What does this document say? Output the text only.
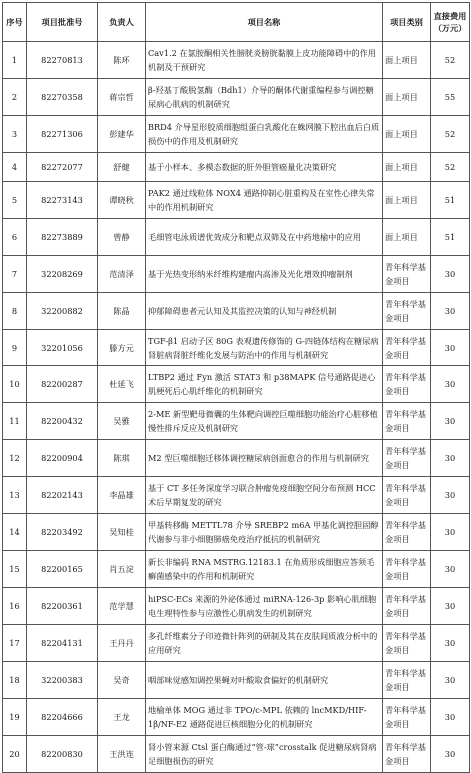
序号	项目批准号	负责人	项目名称	项目类别	直接费用（万元）
1	82270813	陈环	Cav1.2 在氯胺酮相关性膀胱炎膀胱黏膜上皮功能障碍中的作用机制及干预研究	面上项目	52
2	82270358	蒋宗哲	β-羟基丁酸脱氢酶（Bdh1）介导的酮体代谢重编程参与调控糖尿病心肌病的机制研究	面上项目	55
3	82271306	彭建华	BRD4 介导星形胶质细胞组蛋白乳酸化在蛛网膜下腔出血后白质损伤中的作用及机制研究	面上项目	52
4	82272077	舒健	基于小样本、多模态数据的肝外胆管癌量化决策研究	面上项目	52
5	82273143	谭晓秋	PAK2 通过线粒体 NOX4 通路抑制心脏重构及在室性心律失常中的作用机制研究	面上项目	51
6	82273889	曾静	毛细管电泳质谱优效成分和靶点双筛及在中药地榆中的应用	面上项目	51
7	32208269	范清泽	基于光热变形纳米纤维构建瘤内高渗及光化增效抑瘤制剂	青年科学基金项目	30
8	32200882	陈晶	抑郁障碍患者元认知及其监控决策的认知与神经机制	青年科学基金项目	30
9	32201056	滕方元	TGF-β1 启动子区 80G 表观遗传修饰的 G-四链体结构在糖尿病肾脏病肾脏纤维化发展与防治中的作用与机制研究	青年科学基金项目	30
10	82200287	杜延飞	LTBP2 通过 Fyn 激活 STAT3 和 p38MAPK 信号通路促进心肌梗死后心肌纤维化的机制研究	青年科学基金项目	30
11	82200432	吴雅	2-ME 新型靶母微囊的生体靶向调控巨噬细胞功能治疗心脏移植慢性排斥反应及机制研究	青年科学基金项目	30
12	82200904	陈琪	M2 型巨噬细胞迁移体调控糖尿病创面愈合的作用与机制研究	青年科学基金项目	30
13	82202143	李晶雄	基于 CT 多任务深度学习联合肿瘤免疫细胞空间分布预测 HCC 术后早期复发的研究	青年科学基金项目	30
14	82203492	吴知桂	甲基转移酶 METTL78 介导 SREBP2 m6A 甲基化调控胆固醇代谢参与非小细胞肺癌免疫治疗抵抗的机制研究	青年科学基金项目	30
15	82200165	肖五淀	新长非编码 RNA MSTRG.12183.1 在角质形成细胞应答须毛癣菌感染中的作用和机制研究	青年科学基金项目	30
16	82200361	范学慧	hiPSC-ECs 来源的外泌体通过 miRNA-126-3p 影响心肌细胞电生理特性参与应激性心肌病发生的机制研究	青年科学基金项目	30
17	82204131	王丹丹	多孔纤维素分子印迹微针阵列的研制及其在皮肤间质液分析中的应用研究	青年科学基金项目	30
18	32200383	吴奇	咽部味觉感知调控果蝇对叶酸取食偏好的机制研究	青年科学基金项目	30
19	82204666	王龙	地榆单体 MOG 通过非 TPO/c-MPL 依赖的 lncMKD/HIF-1β/NF-E2 通路促进巨核细胞分化的机制研究	青年科学基金项目	30
20	82200830	王洪连	肾小管来源 Ctsl 蛋白酶通过“管-球”crosstalk 促进糖尿病肾病足细胞损伤的研究	青年科学基金项目	30
